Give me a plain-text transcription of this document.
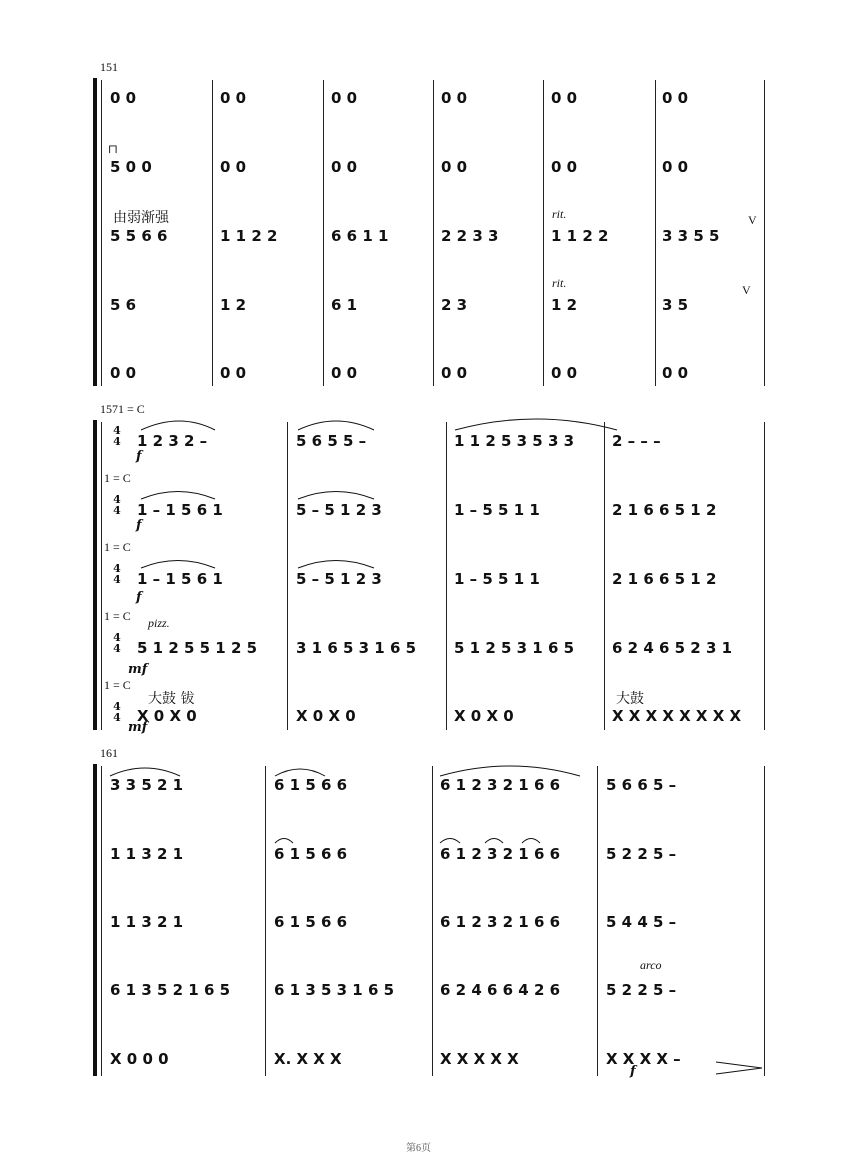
151
由弱渐强	rit.
rit.
V
V
⊓
0 0	0 0	0 0	0 0	0 0	0 0
5 0 0	0 0	0 0	0 0	0 0	0 0
5 5 6 6	1 1 2 2	6 6 1 1	2 2 3 3	1 1 2 2	3 3 5 5
5 6	1 2	6 1	2 3	1 2	3 5
0 0	0 0	0 0	0 0	0 0	0 0
157 1 = C
1 = C
1 = C
1 = C
1 = C
4
4
4
4
4
4
4
4
4
4
f
f
f
mf
mf
pizz.
大鼓 钹	大鼓
1 2 3 2 –	5 6 5 5 –	1 1 2 5 3 5 3 3	2 – – –
1 – 1 5 6 1	5 – 5 1 2 3	1 – 5 5 1 1	2 1 6 6 5 1 2
1 – 1 5 6 1	5 – 5 1 2 3	1 – 5 5 1 1	2 1 6 6 5 1 2
5 1 2 5 5 1 2 5	3 1 6 5 3 1 6 5	5 1 2 5 3 1 6 5	6 2 4 6 5 2 3 1
X 0 X 0	X 0 X 0	X 0 X 0	X X X X X X X X
161
arco
f
3 3 5 2 1	6 1 5 6 6	6 1 2 3 2 1 6 6	5 6 6 5 –
1 1 3 2 1	6 1 5 6 6	6 1 2 3 2 1 6 6	5 2 2 5 –
1 1 3 2 1	6 1 5 6 6	6 1 2 3 2 1 6 6	5 4 4 5 –
6 1 3 5 2 1 6 5	6 1 3 5 3 1 6 5	6 2 4 6 6 4 2 6	5 2 2 5 –
X 0 0 0	X. X X X	X X X X X	X X X X –
第6页
